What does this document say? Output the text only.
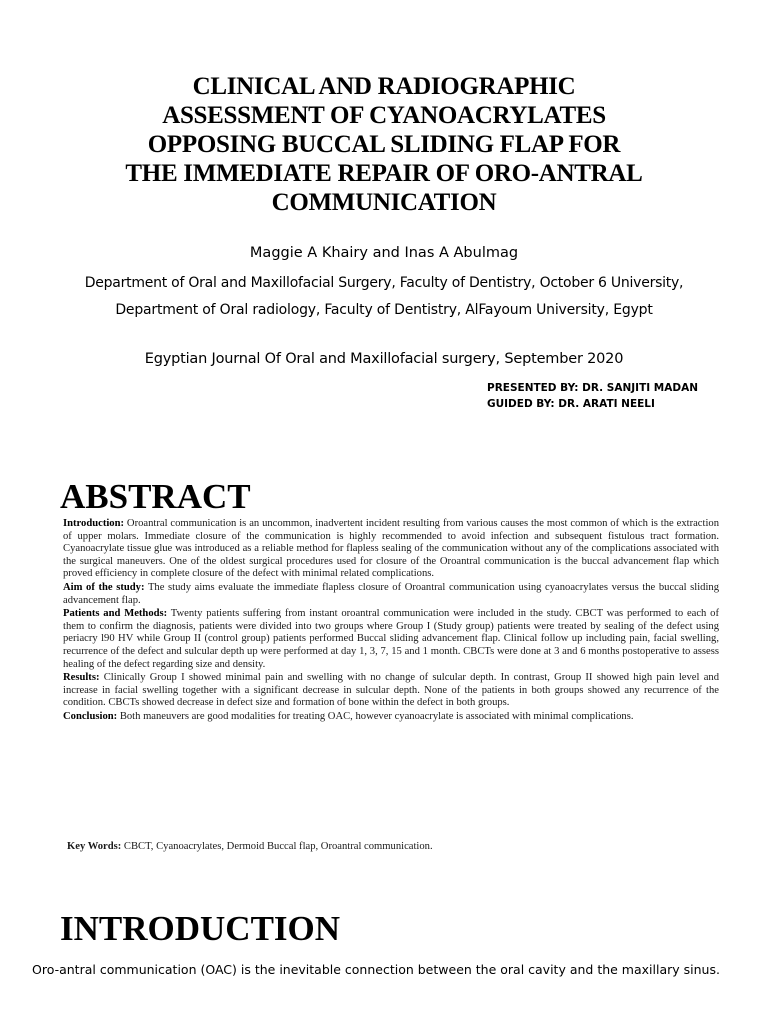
CLINICAL AND RADIOGRAPHIC
ASSESSMENT OF CYANOACRYLATES
OPPOSING BUCCAL SLIDING FLAP FOR
THE IMMEDIATE REPAIR OF ORO-ANTRAL
COMMUNICATION
Maggie A Khairy and Inas A Abulmag
Department of Oral and Maxillofacial Surgery, Faculty of Dentistry, October 6 University,
Department of Oral radiology, Faculty of Dentistry, AlFayoum University, Egypt
Egyptian Journal Of Oral and Maxillofacial surgery, September 2020
PRESENTED BY: DR. SANJITI MADAN
GUIDED BY: DR. ARATI NEELI
ABSTRACT

Introduction: Oroantral communication is an uncommon, inadvertent incident resulting from various causes the most common of which is the extraction of upper molars. Immediate closure of the communication is highly recommended to avoid infection and subsequent fistulous tract formation. Cyanoacrylate tissue glue was introduced as a reliable method for flapless sealing of the communication without any of the complications associated with the surgical maneuvers. One of the oldest surgical procedures used for closure of the Oroantral communication is the buccal advancement flap which proved efficiency in complete closure of the defect with minimal related complications.

Aim of the study: The study aims evaluate the immediate flapless closure of Oroantral communication using cyanoacrylates versus the buccal sliding advancement flap.

Patients and Methods: Twenty patients suffering from instant oroantral communication were included in the study. CBCT was performed to each of them to confirm the diagnosis, patients were divided into two groups where Group I (Study group) patients were treated by sealing of the defect using periacry l90 HV while Group II (control group) patients performed Buccal sliding advancement flap. Clinical follow up including pain, facial swelling, recurrence of the defect and sulcular depth up were performed at day 1, 3, 7, 15 and 1 month. CBCTs were done at 3 and 6 months postoperative to assess healing of the defect regarding size and density.

Results: Clinically Group I showed minimal pain and swelling with no change of sulcular depth. In contrast, Group II showed high pain level and increase in facial swelling together with a significant decrease in sulcular depth. None of the patients in both groups showed any recurrence of the condition. CBCTs showed decrease in defect size and formation of bone within the defect in both groups.

Conclusion: Both maneuvers are good modalities for treating OAC, however cyanoacrylate is associated with minimal complications.

Key Words: CBCT, Cyanoacrylates, Dermoid Buccal flap, Oroantral communication.
INTRODUCTION
Oro-antral communication (OAC) is the inevitable connection between the oral cavity and the maxillary sinus.
